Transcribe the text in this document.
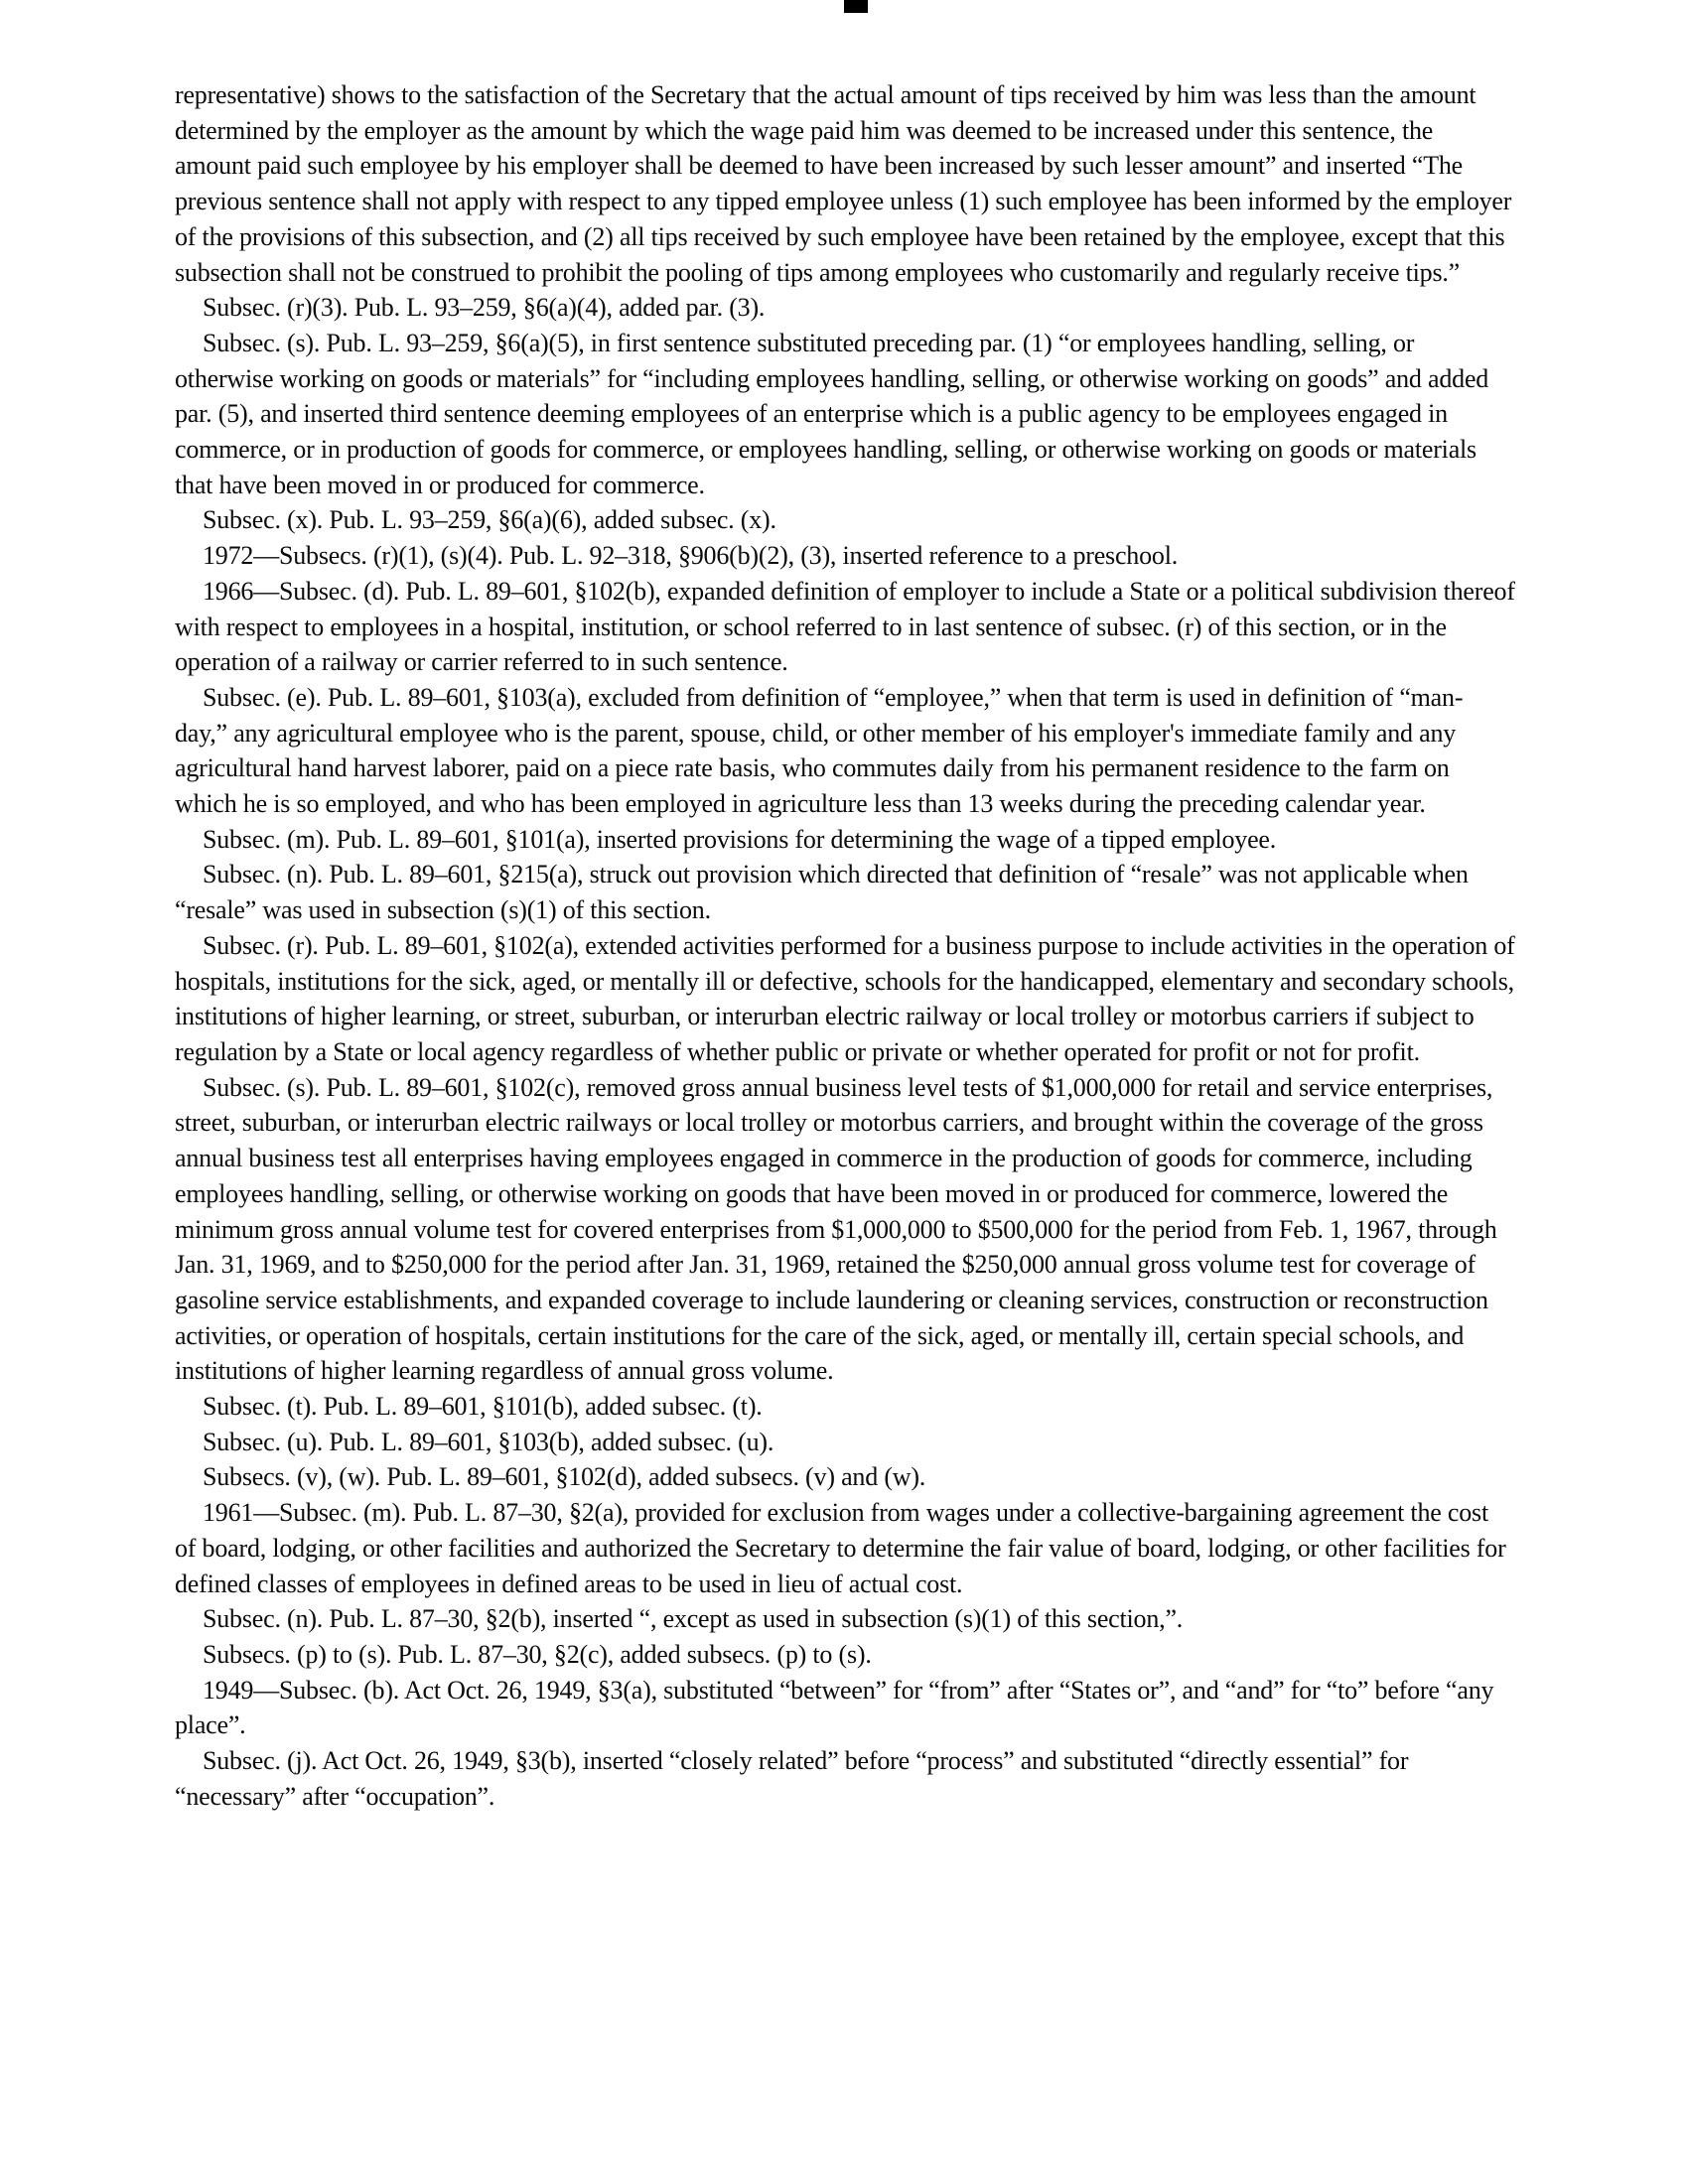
representative) shows to the satisfaction of the Secretary that the actual amount of tips received by him was less than the amount determined by the employer as the amount by which the wage paid him was deemed to be increased under this sentence, the amount paid such employee by his employer shall be deemed to have been increased by such lesser amount” and inserted “The previous sentence shall not apply with respect to any tipped employee unless (1) such employee has been informed by the employer of the provisions of this subsection, and (2) all tips received by such employee have been retained by the employee, except that this subsection shall not be construed to prohibit the pooling of tips among employees who customarily and regularly receive tips.”

Subsec. (r)(3). Pub. L. 93–259, §6(a)(4), added par. (3).

Subsec. (s). Pub. L. 93–259, §6(a)(5), in first sentence substituted preceding par. (1) “or employees handling, selling, or otherwise working on goods or materials” for “including employees handling, selling, or otherwise working on goods” and added par. (5), and inserted third sentence deeming employees of an enterprise which is a public agency to be employees engaged in commerce, or in production of goods for commerce, or employees handling, selling, or otherwise working on goods or materials that have been moved in or produced for commerce.

Subsec. (x). Pub. L. 93–259, §6(a)(6), added subsec. (x).

1972—Subsecs. (r)(1), (s)(4). Pub. L. 92–318, §906(b)(2), (3), inserted reference to a preschool.

1966—Subsec. (d). Pub. L. 89–601, §102(b), expanded definition of employer to include a State or a political subdivision thereof with respect to employees in a hospital, institution, or school referred to in last sentence of subsec. (r) of this section, or in the operation of a railway or carrier referred to in such sentence.

Subsec. (e). Pub. L. 89–601, §103(a), excluded from definition of “employee,” when that term is used in definition of “man-day,” any agricultural employee who is the parent, spouse, child, or other member of his employer's immediate family and any agricultural hand harvest laborer, paid on a piece rate basis, who commutes daily from his permanent residence to the farm on which he is so employed, and who has been employed in agriculture less than 13 weeks during the preceding calendar year.

Subsec. (m). Pub. L. 89–601, §101(a), inserted provisions for determining the wage of a tipped employee.

Subsec. (n). Pub. L. 89–601, §215(a), struck out provision which directed that definition of “resale” was not applicable when “resale” was used in subsection (s)(1) of this section.

Subsec. (r). Pub. L. 89–601, §102(a), extended activities performed for a business purpose to include activities in the operation of hospitals, institutions for the sick, aged, or mentally ill or defective, schools for the handicapped, elementary and secondary schools, institutions of higher learning, or street, suburban, or interurban electric railway or local trolley or motorbus carriers if subject to regulation by a State or local agency regardless of whether public or private or whether operated for profit or not for profit.

Subsec. (s). Pub. L. 89–601, §102(c), removed gross annual business level tests of $1,000,000 for retail and service enterprises, street, suburban, or interurban electric railways or local trolley or motorbus carriers, and brought within the coverage of the gross annual business test all enterprises having employees engaged in commerce in the production of goods for commerce, including employees handling, selling, or otherwise working on goods that have been moved in or produced for commerce, lowered the minimum gross annual volume test for covered enterprises from $1,000,000 to $500,000 for the period from Feb. 1, 1967, through Jan. 31, 1969, and to $250,000 for the period after Jan. 31, 1969, retained the $250,000 annual gross volume test for coverage of gasoline service establishments, and expanded coverage to include laundering or cleaning services, construction or reconstruction activities, or operation of hospitals, certain institutions for the care of the sick, aged, or mentally ill, certain special schools, and institutions of higher learning regardless of annual gross volume.

Subsec. (t). Pub. L. 89–601, §101(b), added subsec. (t).

Subsec. (u). Pub. L. 89–601, §103(b), added subsec. (u).

Subsecs. (v), (w). Pub. L. 89–601, §102(d), added subsecs. (v) and (w).

1961—Subsec. (m). Pub. L. 87–30, §2(a), provided for exclusion from wages under a collective-bargaining agreement the cost of board, lodging, or other facilities and authorized the Secretary to determine the fair value of board, lodging, or other facilities for defined classes of employees in defined areas to be used in lieu of actual cost.

Subsec. (n). Pub. L. 87–30, §2(b), inserted “, except as used in subsection (s)(1) of this section,”.

Subsecs. (p) to (s). Pub. L. 87–30, §2(c), added subsecs. (p) to (s).

1949—Subsec. (b). Act Oct. 26, 1949, §3(a), substituted “between” for “from” after “States or”, and “and” for “to” before “any place”.

Subsec. (j). Act Oct. 26, 1949, §3(b), inserted “closely related” before “process” and substituted “directly essential” for “necessary” after “occupation”.
